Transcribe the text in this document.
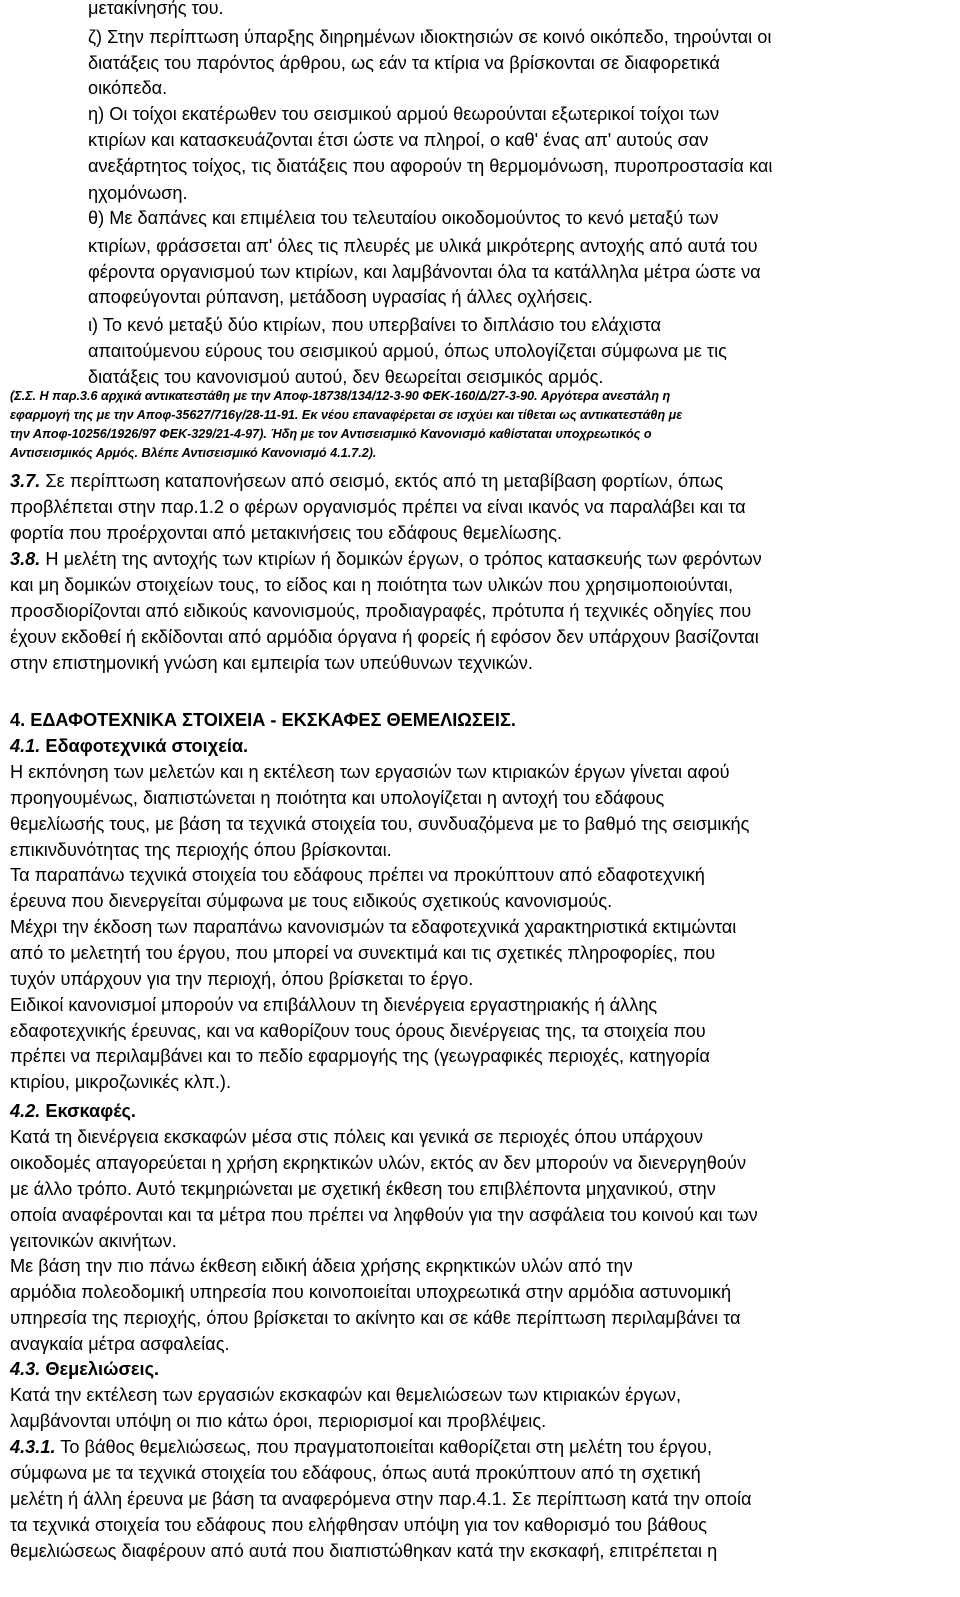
μετακίνησής του.
ζ) Στην περίπτωση ύπαρξης διηρημένων ιδιοκτησιών σε κοινό οικόπεδο, τηρούνται οι
διατάξεις του παρόντος άρθρου, ως εάν τα κτίρια να βρίσκονται σε διαφορετικά
οικόπεδα.
η) Οι τοίχοι εκατέρωθεν του σεισμικού αρμού θεωρούνται εξωτερικοί τοίχοι των
κτιρίων και κατασκευάζονται έτσι ώστε να πληροί, ο καθ' ένας απ' αυτούς σαν
ανεξάρτητος τοίχος, τις διατάξεις που αφορούν τη θερμομόνωση, πυροπροστασία και
ηχομόνωση.
θ) Με δαπάνες και επιμέλεια του τελευταίου οικοδομούντος το κενό μεταξύ των
κτιρίων, φράσσεται απ' όλες τις πλευρές με υλικά μικρότερης αντοχής από αυτά του
φέροντα οργανισμού των κτιρίων, και λαμβάνονται όλα τα κατάλληλα μέτρα ώστε να
αποφεύγονται ρύπανση, μετάδοση υγρασίας ή άλλες οχλήσεις.
ι) Το κενό μεταξύ δύο κτιρίων, που υπερβαίνει το διπλάσιο του ελάχιστα
απαιτούμενου εύρους του σεισμικού αρμού, όπως υπολογίζεται σύμφωνα με τις
διατάξεις του κανονισμού αυτού, δεν θεωρείται σεισμικός αρμός.
(Σ.Σ. Η παρ.3.6 αρχικά αντικατεστάθη με την Αποφ-18738/134/12-3-90 ΦΕΚ-160/Δ/27-3-90. Αργότερα ανεστάλη η
εφαρμογή της με την Αποφ-35627/716γ/28-11-91. Εκ νέου επαναφέρεται σε ισχύει και τίθεται ως αντικατεστάθη με
την Αποφ-10256/1926/97 ΦΕΚ-329/21-4-97). Ήδη με τον Αντισεισμικό Κανονισμό καθίσταται υποχρεωτικός ο
Αντισεισμικός Αρμός. Βλέπε Αντισεισμικό Κανονισμό 4.1.7.2).
3.7. Σε περίπτωση καταπονήσεων από σεισμό, εκτός από τη μεταβίβαση φορτίων, όπως
προβλέπεται στην παρ.1.2 ο φέρων οργανισμός πρέπει να είναι ικανός να παραλάβει και τα
φορτία που προέρχονται από μετακινήσεις του εδάφους θεμελίωσης.
3.8. Η μελέτη της αντοχής των κτιρίων ή δομικών έργων, ο τρόπος κατασκευής των φερόντων
και μη δομικών στοιχείων τους, το είδος και η ποιότητα των υλικών που χρησιμοποιούνται,
προσδιορίζονται από ειδικούς κανονισμούς, προδιαγραφές, πρότυπα ή τεχνικές οδηγίες που
έχουν εκδοθεί ή εκδίδονται από αρμόδια όργανα ή φορείς ή εφόσον δεν υπάρχουν βασίζονται
στην επιστημονική γνώση και εμπειρία των υπεύθυνων τεχνικών.
4. ΕΔΑΦΟΤΕΧΝΙΚΑ ΣΤΟΙΧΕΙΑ - ΕΚΣΚΑΦΕΣ ΘΕΜΕΛΙΩΣΕΙΣ.
4.1. Εδαφοτεχνικά στοιχεία.
Η εκπόνηση των μελετών και η εκτέλεση των εργασιών των κτιριακών έργων γίνεται αφού
προηγουμένως, διαπιστώνεται η ποιότητα και υπολογίζεται η αντοχή του εδάφους
θεμελίωσής τους, με βάση τα τεχνικά στοιχεία του, συνδυαζόμενα με το βαθμό της σεισμικής
επικινδυνότητας της περιοχής όπου βρίσκονται.
Τα παραπάνω τεχνικά στοιχεία του εδάφους πρέπει να προκύπτουν από εδαφοτεχνική
έρευνα που διενεργείται σύμφωνα με τους ειδικούς σχετικούς κανονισμούς.
Μέχρι την έκδοση των παραπάνω κανονισμών τα εδαφοτεχνικά χαρακτηριστικά εκτιμώνται
από το μελετητή του έργου, που μπορεί να συνεκτιμά και τις σχετικές πληροφορίες, που
τυχόν υπάρχουν για την περιοχή, όπου βρίσκεται το έργο.
Ειδικοί κανονισμοί μπορούν να επιβάλλουν τη διενέργεια εργαστηριακής ή άλλης
εδαφοτεχνικής έρευνας, και να καθορίζουν τους όρους διενέργειας της, τα στοιχεία που
πρέπει να περιλαμβάνει και το πεδίο εφαρμογής της (γεωγραφικές περιοχές, κατηγορία
κτιρίου, μικροζωνικές κλπ.).
4.2. Εκσκαφές.
Κατά τη διενέργεια εκσκαφών μέσα στις πόλεις και γενικά σε περιοχές όπου υπάρχουν
οικοδομές απαγορεύεται η χρήση εκρηκτικών υλών, εκτός αν δεν μπορούν να διενεργηθούν
με άλλο τρόπο. Αυτό τεκμηριώνεται με σχετική έκθεση του επιβλέποντα μηχανικού, στην
οποία αναφέρονται και τα μέτρα που πρέπει να ληφθούν για την ασφάλεια του κοινού και των
γειτονικών ακινήτων.
Με βάση την πιο πάνω έκθεση ειδική άδεια χρήσης εκρηκτικών υλών από την
αρμόδια πολεοδομική υπηρεσία που κοινοποιείται υποχρεωτικά στην αρμόδια αστυνομική
υπηρεσία της περιοχής, όπου βρίσκεται το ακίνητο και σε κάθε περίπτωση περιλαμβάνει τα
αναγκαία μέτρα ασφαλείας.
4.3. Θεμελιώσεις.
Κατά την εκτέλεση των εργασιών εκσκαφών και θεμελιώσεων των κτιριακών έργων,
λαμβάνονται υπόψη οι πιο κάτω όροι, περιορισμοί και προβλέψεις.
4.3.1. Το βάθος θεμελιώσεως, που πραγματοποιείται καθορίζεται στη μελέτη του έργου,
σύμφωνα με τα τεχνικά στοιχεία του εδάφους, όπως αυτά προκύπτουν από τη σχετική
μελέτη ή άλλη έρευνα με βάση τα αναφερόμενα στην παρ.4.1. Σε περίπτωση κατά την οποία
τα τεχνικά στοιχεία του εδάφους που ελήφθησαν υπόψη για τον καθορισμό του βάθους
θεμελιώσεως διαφέρουν από αυτά που διαπιστώθηκαν κατά την εκσκαφή, επιτρέπεται η
